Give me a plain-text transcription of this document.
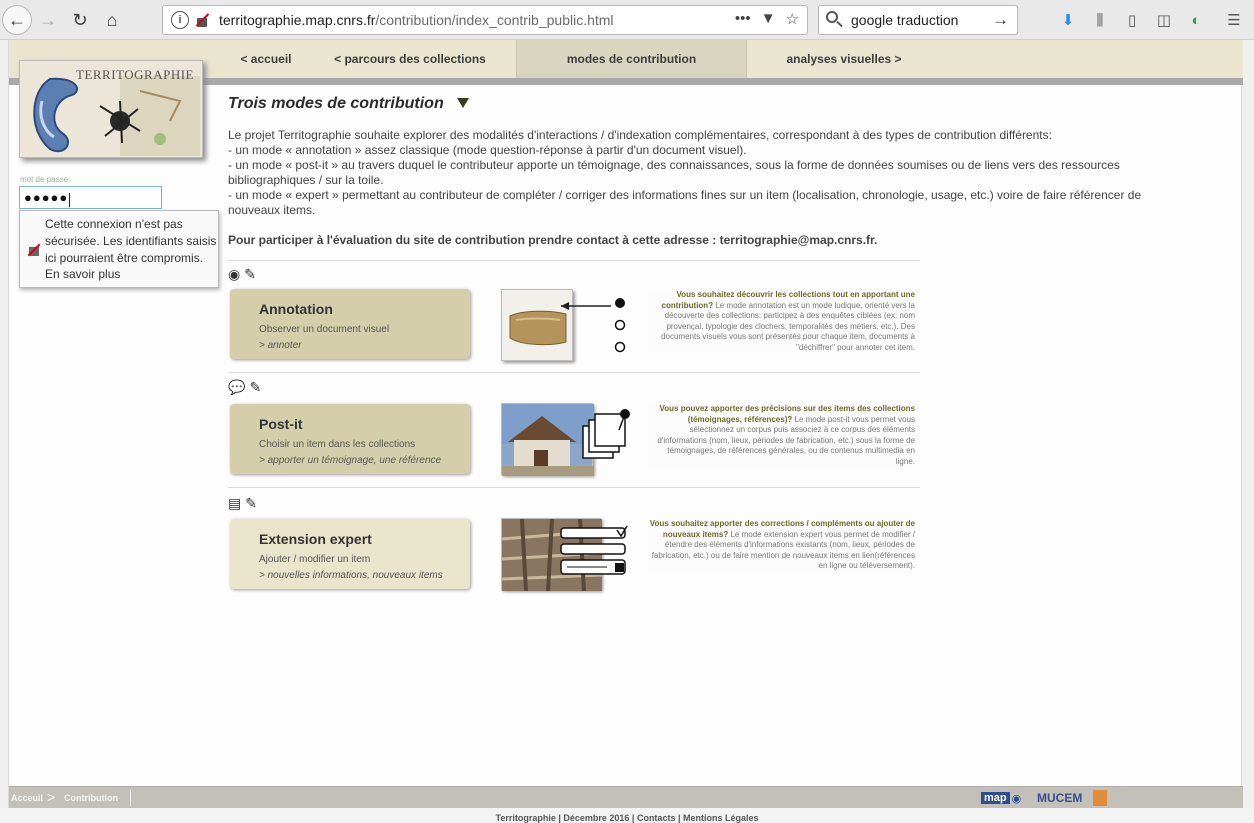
← → ↻ ⌂	i	territographie.map.cnrs.fr/contribution/index_contrib_public.html	••• ▼ ☆	google traduction →	⬇	⫼	▯	◫	◐	☰
< accueil	< parcours des collections	modes de contribution	analyses visuelles >
TERRITOGRAPHIE
mot de passe:
●●●●●
Cette connexion n'est pas sécurisée. Les identifiants saisis ici pourraient être compromis.
En savoir plus
Trois modes de contribution
Le projet Territographie souhaite explorer des modalités d'interactions / d'indexation complémentaires, correspondant à des types de contribution différents:
- un mode « annotation » assez classique (mode question-réponse à partir d'un document visuel).
- un mode « post-it » au travers duquel le contributeur apporte un témoignage, des connaissances, sous la forme de données soumises ou de liens vers des ressources bibliographiques / sur la toile.
- un mode « expert » permettant au contributeur de compléter / corriger des informations fines sur un item (localisation, chronologie, usage, etc.) voire de faire référencer de nouveaux items.
Pour participer à l'évaluation du site de contribution prendre contact à cette adresse : territographie@map.cnrs.fr.
◉ ✎
Annotation
Observer un document visuel
> annoter
Vous souhaitez découvrir les collections tout en apportant une contribution? Le mode annotation est un mode ludique, orienté vers la découverte des collections: participez à des enquêtes ciblées (ex: nom provençal, typologie des clochers, temporalités des métiers, etc.). Des documents visuels vous sont présentés pour chaque item, documents à "déchiffrer" pour annoter cet item.
💬 ✎
Post-it
Choisir un item dans les collections
> apporter un témoignage, une référence
Vous pouvez apporter des précisions sur des items des collections (témoignages, références)? Le mode post-it vous permet vous sélectionnez un corpus puis associez à ce corpus des éléments d'informations (nom, lieux, périodes de fabrication, etc.) sous la forme de témoignages, de références générales, ou de contenus multimedia en ligne.
▤ ✎
Extension expert
Ajouter / modifier un item
> nouvelles informations, nouveaux items
Vous souhaitez apporter des corrections / compléments ou ajouter de nouveaux items? Le mode extension expert vous permet de modifier / étendre des éléments d'informations existants (nom, lieux, périodes de fabrication, etc.) ou de faire mention de nouveaux items en lien(références en ligne ou téléversement).
Acceuil > Contribution	map ◉ MUCEM
Territographie | Décembre 2016 | Contacts | Mentions Légales
